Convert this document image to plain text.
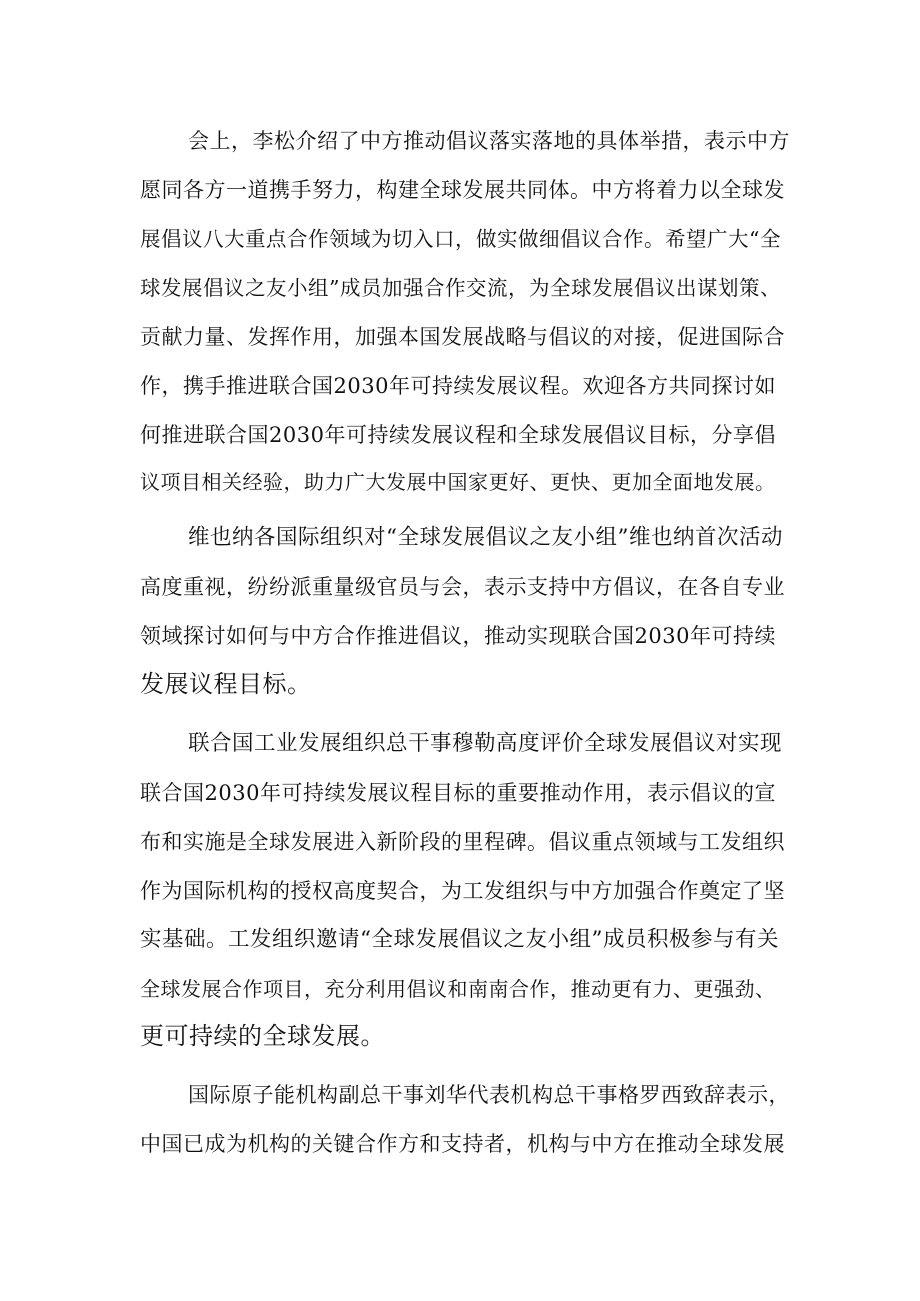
会上，李松介绍了中方推动倡议落实落地的具体举措，表示中方
愿同各方一道携手努力，构建全球发展共同体。中方将着力以全球发
展倡议八大重点合作领域为切入口，做实做细倡议合作。希望广大“全
球发展倡议之友小组”成员加强合作交流，为全球发展倡议出谋划策、
贡献力量、发挥作用，加强本国发展战略与倡议的对接，促进国际合
作，携手推进联合国2030年可持续发展议程。欢迎各方共同探讨如
何推进联合国2030年可持续发展议程和全球发展倡议目标，分享倡
议项目相关经验，助力广大发展中国家更好、更快、更加全面地发展。
维也纳各国际组织对“全球发展倡议之友小组”维也纳首次活动
高度重视，纷纷派重量级官员与会，表示支持中方倡议，在各自专业
领域探讨如何与中方合作推进倡议，推动实现联合国2030年可持续
发展议程目标。
联合国工业发展组织总干事穆勒高度评价全球发展倡议对实现
联合国2030年可持续发展议程目标的重要推动作用，表示倡议的宣
布和实施是全球发展进入新阶段的里程碑。倡议重点领域与工发组织
作为国际机构的授权高度契合，为工发组织与中方加强合作奠定了坚
实基础。工发组织邀请“全球发展倡议之友小组”成员积极参与有关
全球发展合作项目，充分利用倡议和南南合作，推动更有力、更强劲、
更可持续的全球发展。
国际原子能机构副总干事刘华代表机构总干事格罗西致辞表示，
中国已成为机构的关键合作方和支持者，机构与中方在推动全球发展
